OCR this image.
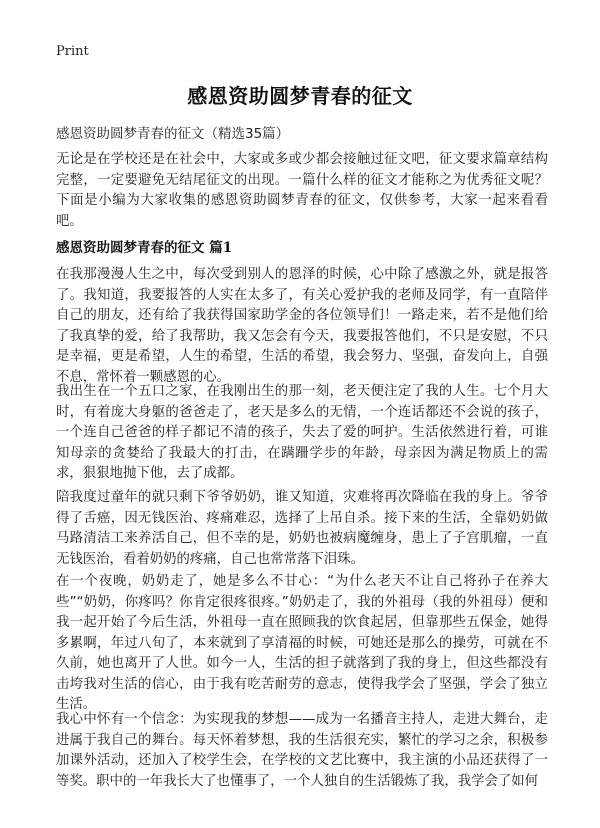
Print
感恩资助圆梦青春的征文
感恩资助圆梦青春的征文（精选35篇）

无论是在学校还是在社会中，大家或多或少都会接触过征文吧，征文要求篇章结构完整，一定要避免无结尾征文的出现。一篇什么样的征文才能称之为优秀征文呢？下面是小编为大家收集的感恩资助圆梦青春的征文，仅供参考，大家一起来看看吧。

感恩资助圆梦青春的征文 篇1

在我那漫漫人生之中，每次受到别人的恩泽的时候，心中除了感激之外，就是报答了。我知道，我要报答的人实在太多了，有关心爱护我的老师及同学，有一直陪伴自己的朋友，还有给了我获得国家助学金的各位领导们！一路走来，若不是他们给了我真挚的爱，给了我帮助，我又怎会有今天，我要报答他们，不只是安慰，不只是幸福，更是希望，人生的希望，生活的希望，我会努力、坚强，奋发向上，自强不息，常怀着一颗感恩的心。

我出生在一个五口之家，在我刚出生的那一刻，老天便注定了我的人生。七个月大时，有着庞大身躯的爸爸走了，老天是多么的无情，一个连话都还不会说的孩子，一个连自己爸爸的样子都记不清的孩子，失去了爱的呵护。生活依然进行着，可谁知母亲的贪婪给了我最大的打击，在蹒跚学步的年龄，母亲因为满足物质上的需求，狠狠地抛下他，去了成都。

陪我度过童年的就只剩下爷爷奶奶，谁又知道，灾难将再次降临在我的身上。爷爷得了舌癌，因无钱医治、疼痛难忍，选择了上吊自杀。接下来的生活，全靠奶奶做马路清洁工来养活自己，但不幸的是，奶奶也被病魔缠身，患上了子宫肌瘤，一直无钱医治，看着奶奶的疼痛，自己也常常落下泪珠。

在一个夜晚，奶奶走了，她是多么不甘心：“为什么老天不让自己将孙子在养大些”“奶奶，你疼吗？你肯定很疼很疼。”奶奶走了，我的外祖母（我的外祖母）便和我一起开始了今后生活，外祖母一直在照顾我的饮食起居，但靠那些五保金，她得多累啊，年过八旬了，本来就到了享清福的时候，可她还是那么的操劳，可就在不久前，她也离开了人世。如今一人，生活的担子就落到了我的身上，但这些都没有击垮我对生活的信心，由于我有吃苦耐劳的意志，使得我学会了坚强，学会了独立生活。

我心中怀有一个信念：为实现我的梦想——成为一名播音主持人，走进大舞台，走进属于我自己的舞台。每天怀着梦想，我的生活很充实，繁忙的学习之余，积极参加课外活动，还加入了校学生会，在学校的文艺比赛中，我主演的小品还获得了一等奖。职中的一年我长大了也懂事了，一个人独自的生活锻炼了我，我学会了如何
